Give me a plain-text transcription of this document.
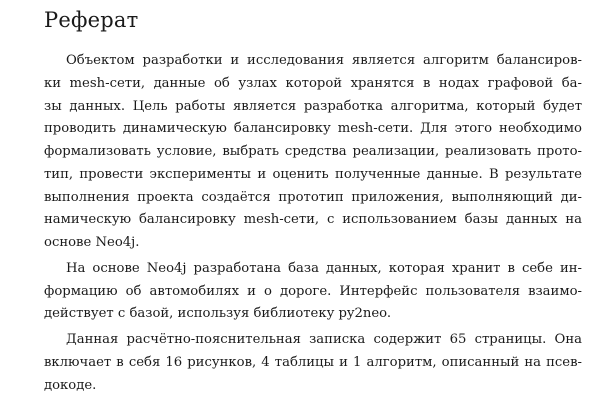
Реферат
Объектом разработки и исследования является алгоритм балансиров-
ки mesh-сети, данные об узлах которой хранятся в нодах графовой ба-
зы данных. Цель работы является разработка алгоритма, который будет
проводить динамическую балансировку mesh-сети. Для этого необходимо
формализовать условие, выбрать средства реализации, реализовать прото-
тип, провести эксперименты и оценить полученные данные. В результате
выполнения проекта создаётся прототип приложения, выполняющий ди-
намическую балансировку mesh-сети, с использованием базы данных на
основе Neo4j.
На основе Neo4j разработана база данных, которая хранит в себе ин-
формацию об автомобилях и о дороге. Интерфейс пользователя взаимо-
действует с базой, используя библиотеку py2neo.
Данная расчётно-пояснительная записка содержит 65 страницы. Она
включает в себя 16 рисунков, 4 таблицы и 1 алгоритм, описанный на псев-
докоде.
